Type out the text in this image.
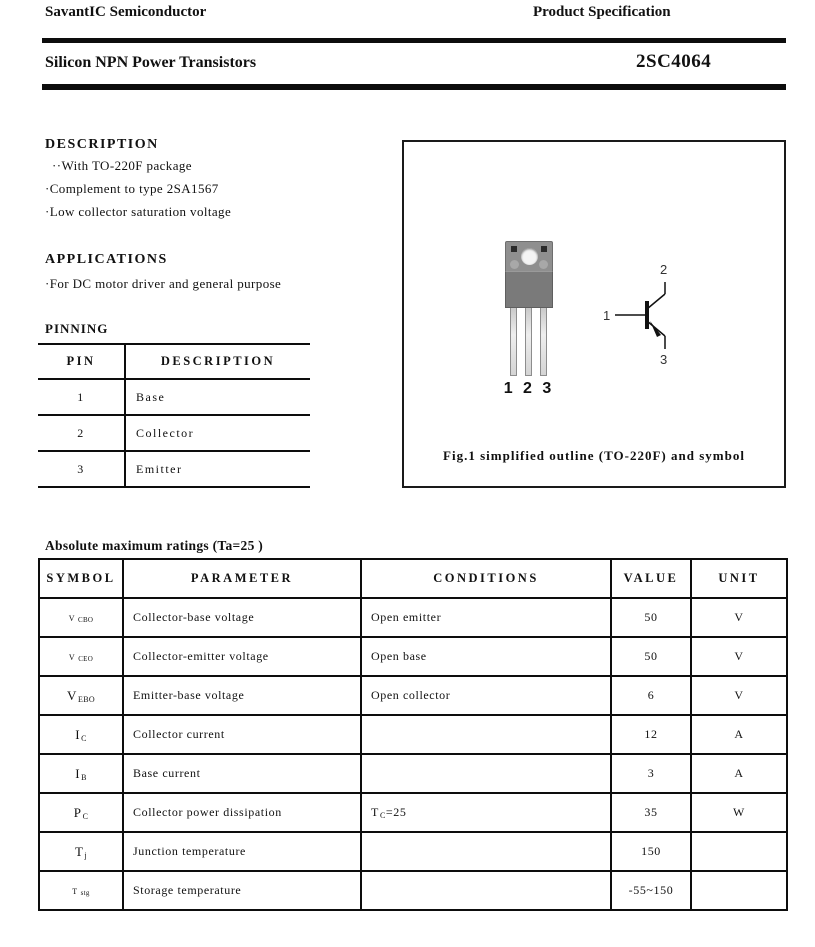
SavantIC Semiconductor	Product Specification
Silicon NPN Power Transistors	2SC4064
DESCRIPTION
··With TO-220F package
·Complement to type 2SA1567
·Low collector saturation voltage
APPLICATIONS
·For DC motor driver and general purpose
PINNING
PIN	DESCRIPTION
1	Base
2	Collector
3	Emitter
1 2 3
1
2
3
Fig.1 simplified outline (TO-220F) and symbol
Absolute maximum ratings (Ta=25 )
SYMBOL	PARAMETER	CONDITIONS	VALUE	UNIT
V CBO	Collector-base voltage	Open emitter	50	V
V CEO	Collector-emitter voltage	Open base	50	V
VEBO	Emitter-base voltage	Open collector	6	V
IC	Collector current		12	A
IB	Base current		3	A
PC	Collector power dissipation	TC=25	35	W
Tj	Junction temperature		150	
T stg	Storage temperature		-55~150	
